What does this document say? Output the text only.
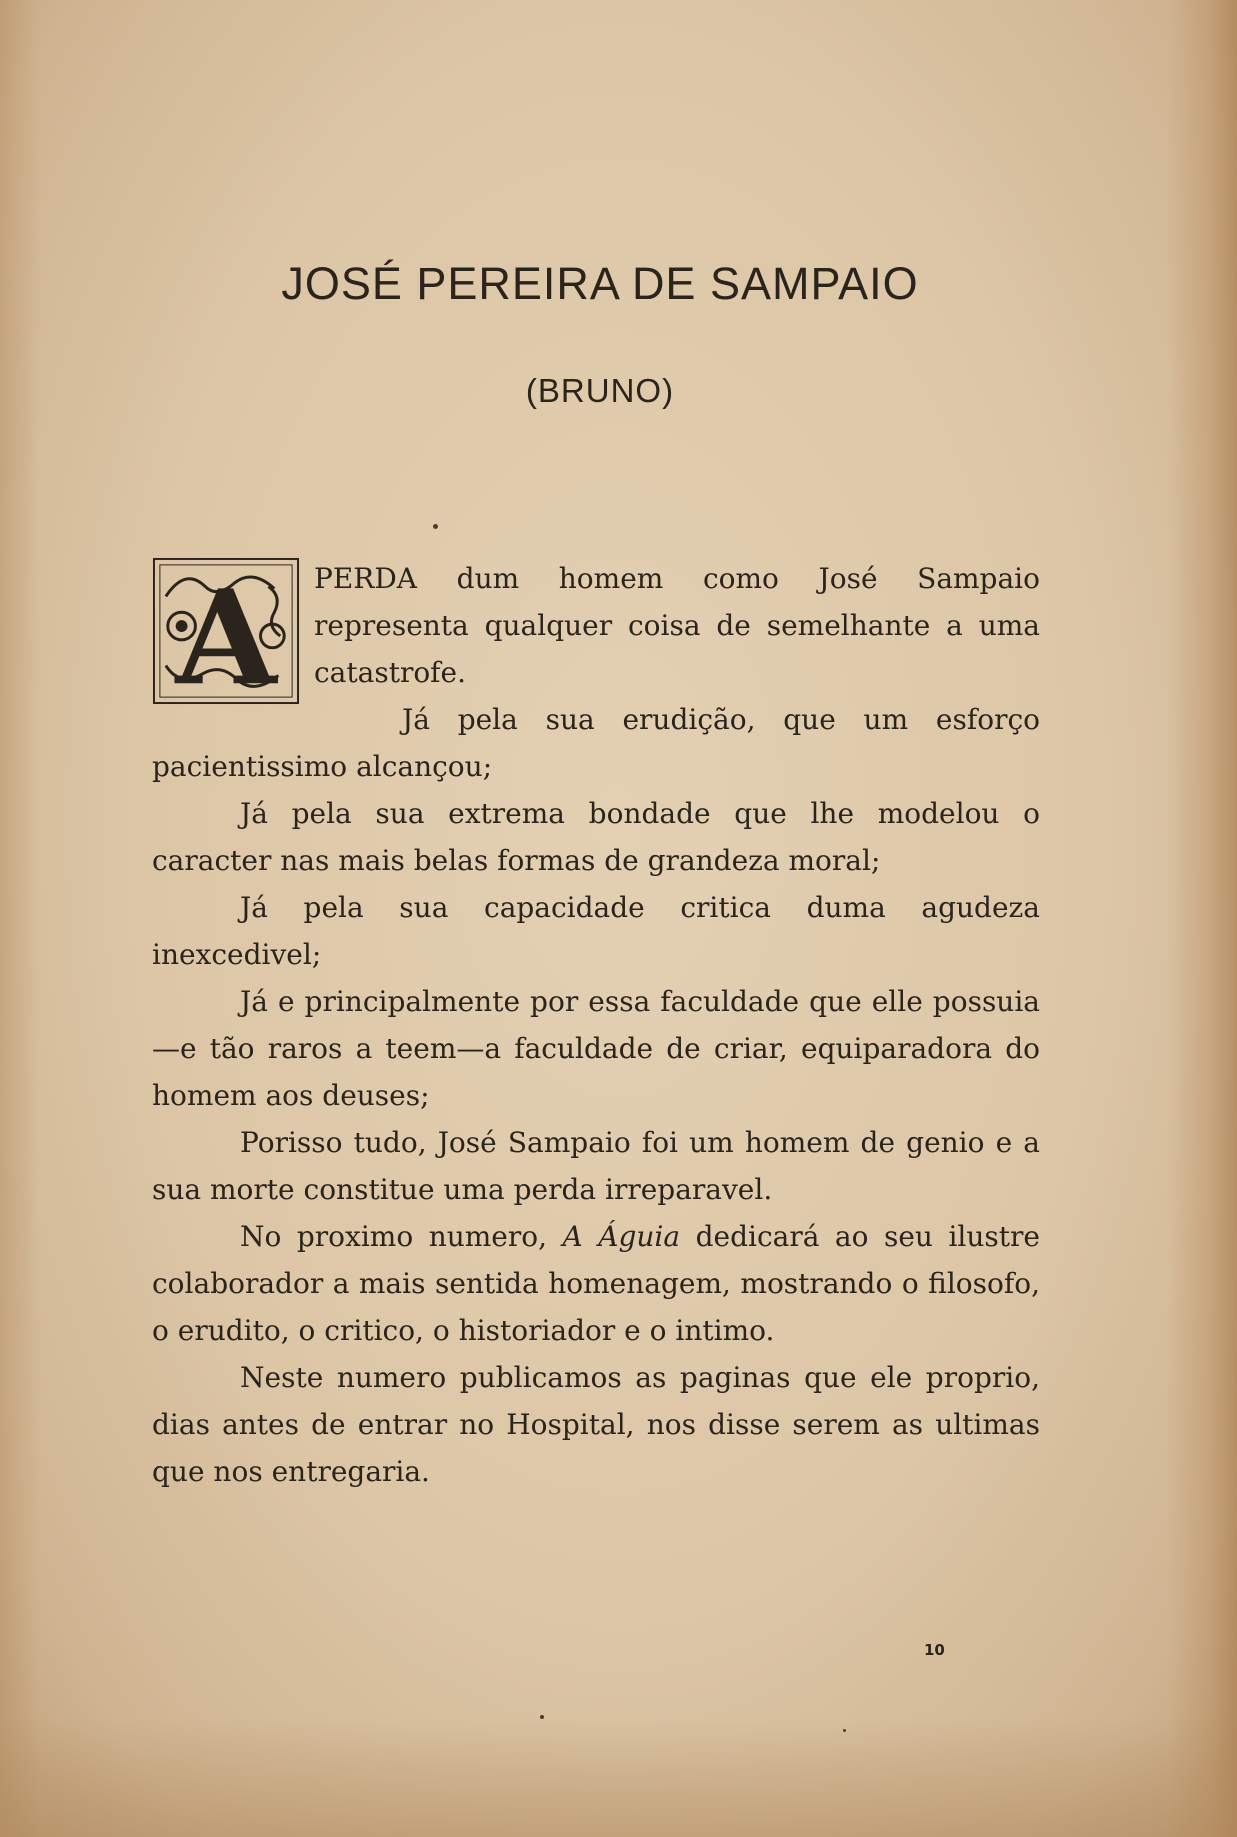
JOSÉ PEREIRA DE SAMPAIO
(BRUNO)

A PERDA dum homem como José Sampaio representa qualquer coisa de semelhante a uma catastrofe.

Já pela sua erudição, que um esforço pacientissimo alcançou;

Já pela sua extrema bondade que lhe modelou o caracter nas mais belas formas de grandeza moral;

Já pela sua capacidade critica duma agudeza inexcedivel;

Já e principalmente por essa faculdade que elle possuia —e tão raros a teem—a faculdade de criar, equiparadora do homem aos deuses;

Porisso tudo, José Sampaio foi um homem de genio e a sua morte constitue uma perda irreparavel.

No proximo numero, A Águia dedicará ao seu ilustre colaborador a mais sentida homenagem, mostrando o filosofo, o erudito, o critico, o historiador e o intimo.

Neste numero publicamos as paginas que ele proprio, dias antes de entrar no Hospital, nos disse serem as ultimas que nos entregaria.

10
